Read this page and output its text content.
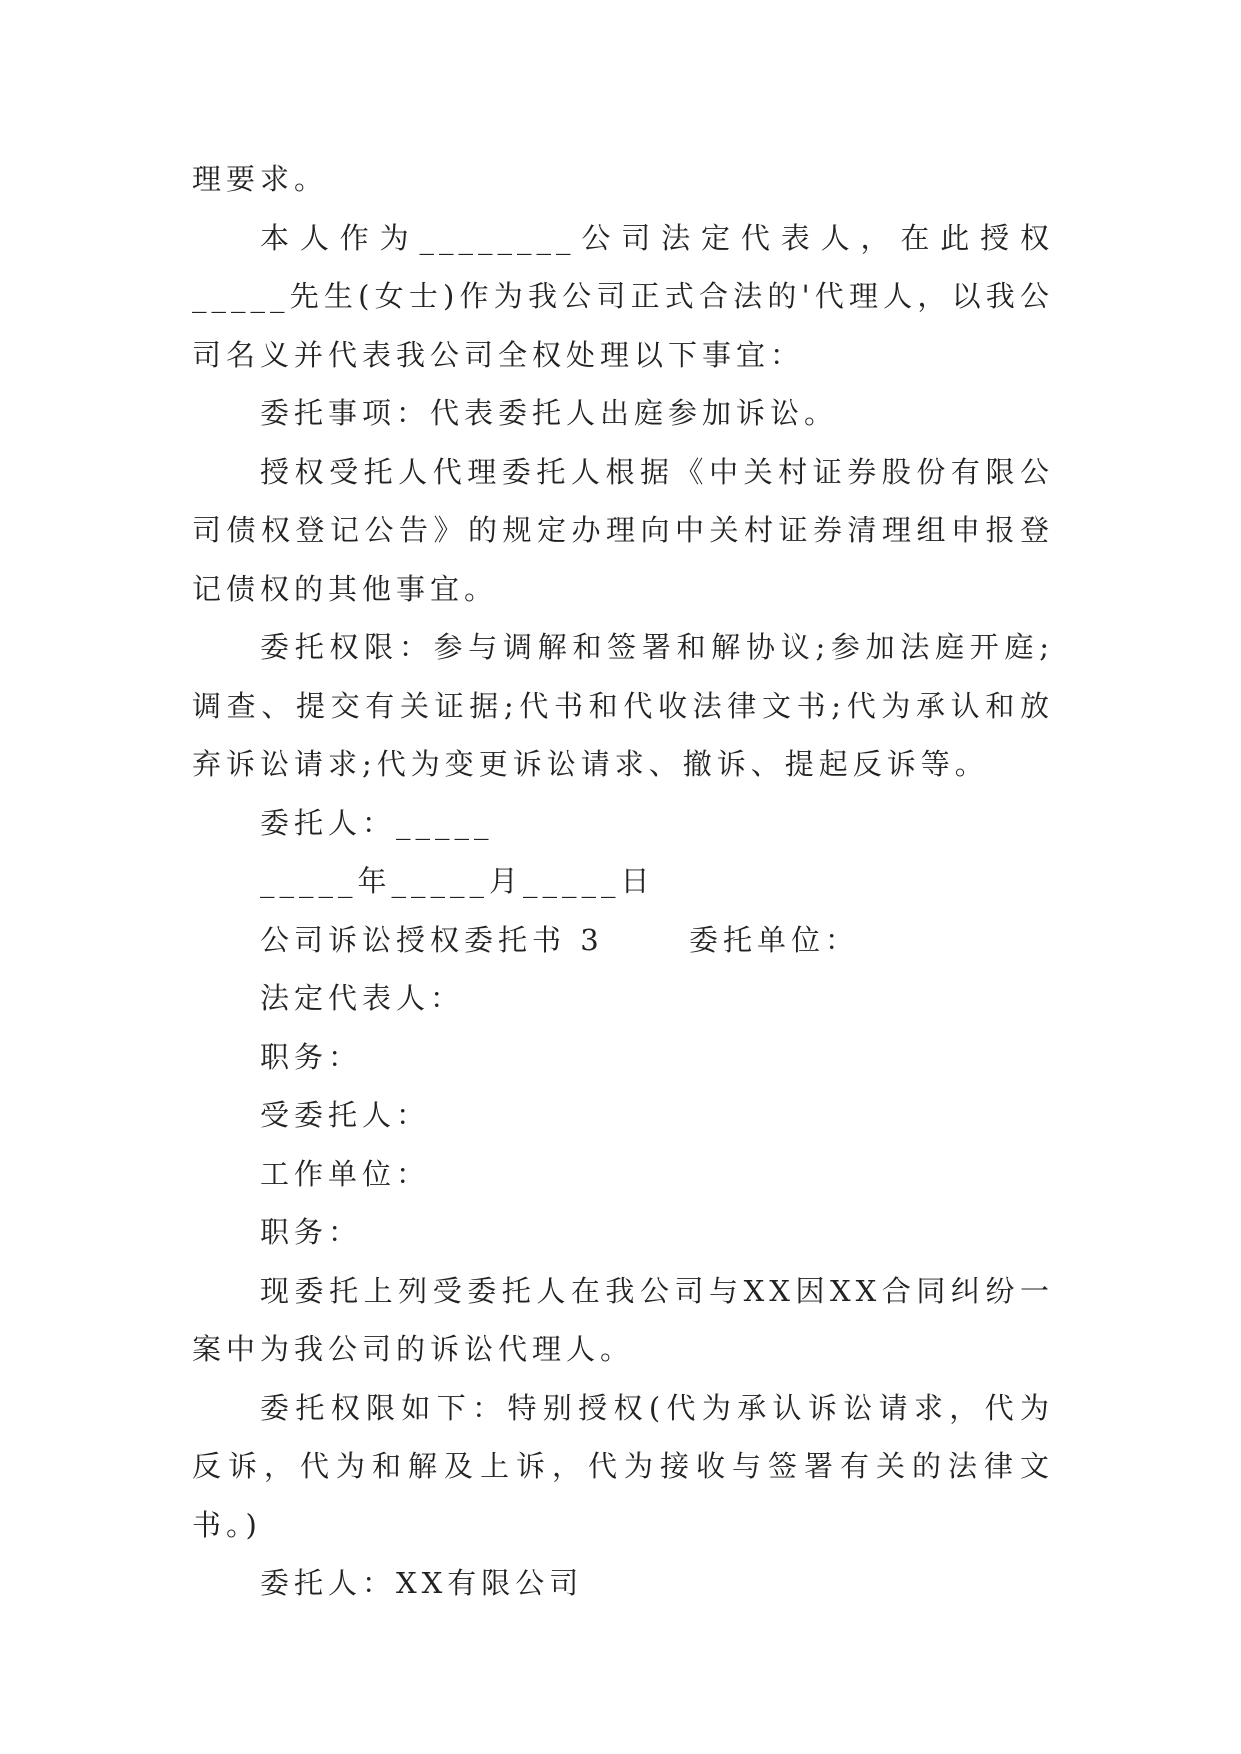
理要求。

本人作为________公司法定代表人，在此授权_____先生(女士)作为我公司正式合法的'代理人，以我公司名义并代表我公司全权处理以下事宜：

委托事项：代表委托人出庭参加诉讼。

授权受托人代理委托人根据《中关村证券股份有限公司债权登记公告》的规定办理向中关村证券清理组申报登记债权的其他事宜。

委托权限：参与调解和签署和解协议;参加法庭开庭;调查、提交有关证据;代书和代收法律文书;代为承认和放弃诉讼请求;代为变更诉讼请求、撤诉、提起反诉等。

委托人：_____

_____年_____月_____日

公司诉讼授权委托书 3      委托单位：

法定代表人：

职务：

受委托人：

工作单位：

职务：

现委托上列受委托人在我公司与XX因XX合同纠纷一案中为我公司的诉讼代理人。

委托权限如下：特别授权(代为承认诉讼请求，代为反诉，代为和解及上诉，代为接收与签署有关的法律文书。)

委托人：XX有限公司
